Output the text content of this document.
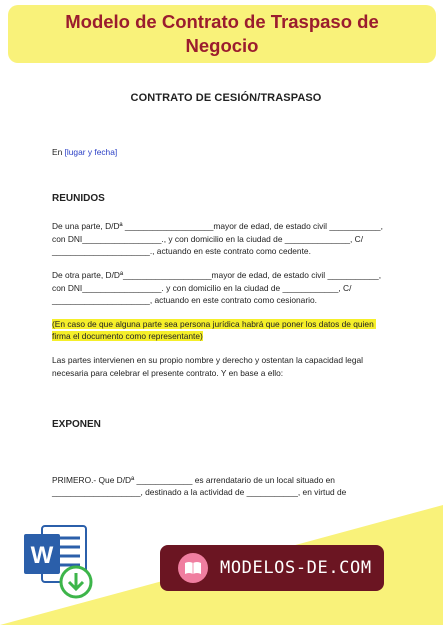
Modelo de Contrato de Traspaso de Negocio
CONTRATO DE CESIÓN/TRASPASO
En [lugar y fecha]
REUNIDOS
De una parte, D/Dª ___________________mayor de edad, de estado civil ___________, con DNI_________________., y con domicilio en la ciudad de ______________, C/ _____________________., actuando en este contrato como cedente.
De otra parte, D/Dª___________________mayor de edad, de estado civil ___________, con DNI_________________. y con domicilio en la ciudad de ____________, C/ _____________________, actuando en este contrato como cesionario.
(En caso de que alguna parte sea persona jurídica habrá que poner los datos de quien firma el documento como representante)
Las partes intervienen en su propio nombre y derecho y ostentan la capacidad legal necesaria para celebrar el presente contrato. Y en base a ello:
EXPONEN
PRIMERO.- Que D/Dª ____________ es arrendatario de un local situado en ___________________, destinado a la actividad de ___________, en virtud de
W	MODELOS-DE.COM
